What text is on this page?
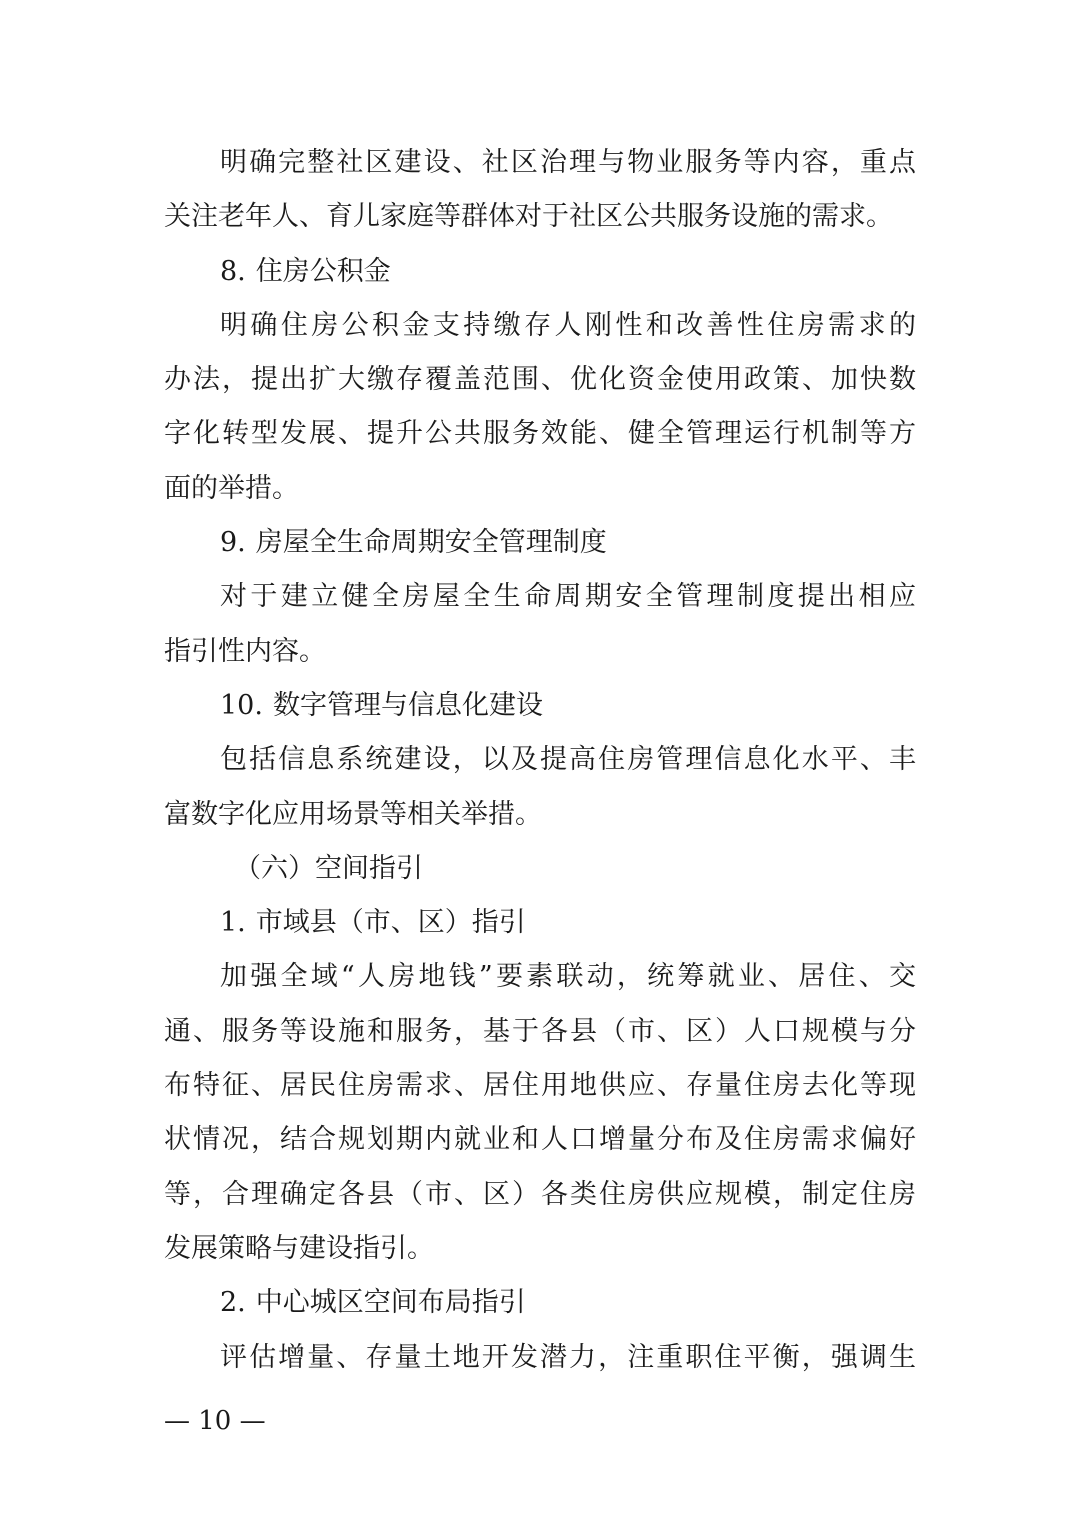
明确完整社区建设、社区治理与物业服务等内容，重点
关注老年人、育儿家庭等群体对于社区公共服务设施的需求。
8. 住房公积金
明确住房公积金支持缴存人刚性和改善性住房需求的
办法，提出扩大缴存覆盖范围、优化资金使用政策、加快数
字化转型发展、提升公共服务效能、健全管理运行机制等方
面的举措。
9. 房屋全生命周期安全管理制度
对于建立健全房屋全生命周期安全管理制度提出相应
指引性内容。
10. 数字管理与信息化建设
包括信息系统建设，以及提高住房管理信息化水平、丰
富数字化应用场景等相关举措。
（六）空间指引
1. 市域县（市、区）指引
加强全域“人房地钱”要素联动，统筹就业、居住、交
通、服务等设施和服务，基于各县（市、区）人口规模与分
布特征、居民住房需求、居住用地供应、存量住房去化等现
状情况，结合规划期内就业和人口增量分布及住房需求偏好
等，合理确定各县（市、区）各类住房供应规模，制定住房
发展策略与建设指引。
2. 中心城区空间布局指引
评估增量、存量土地开发潜力，注重职住平衡，强调生
— 10 —
